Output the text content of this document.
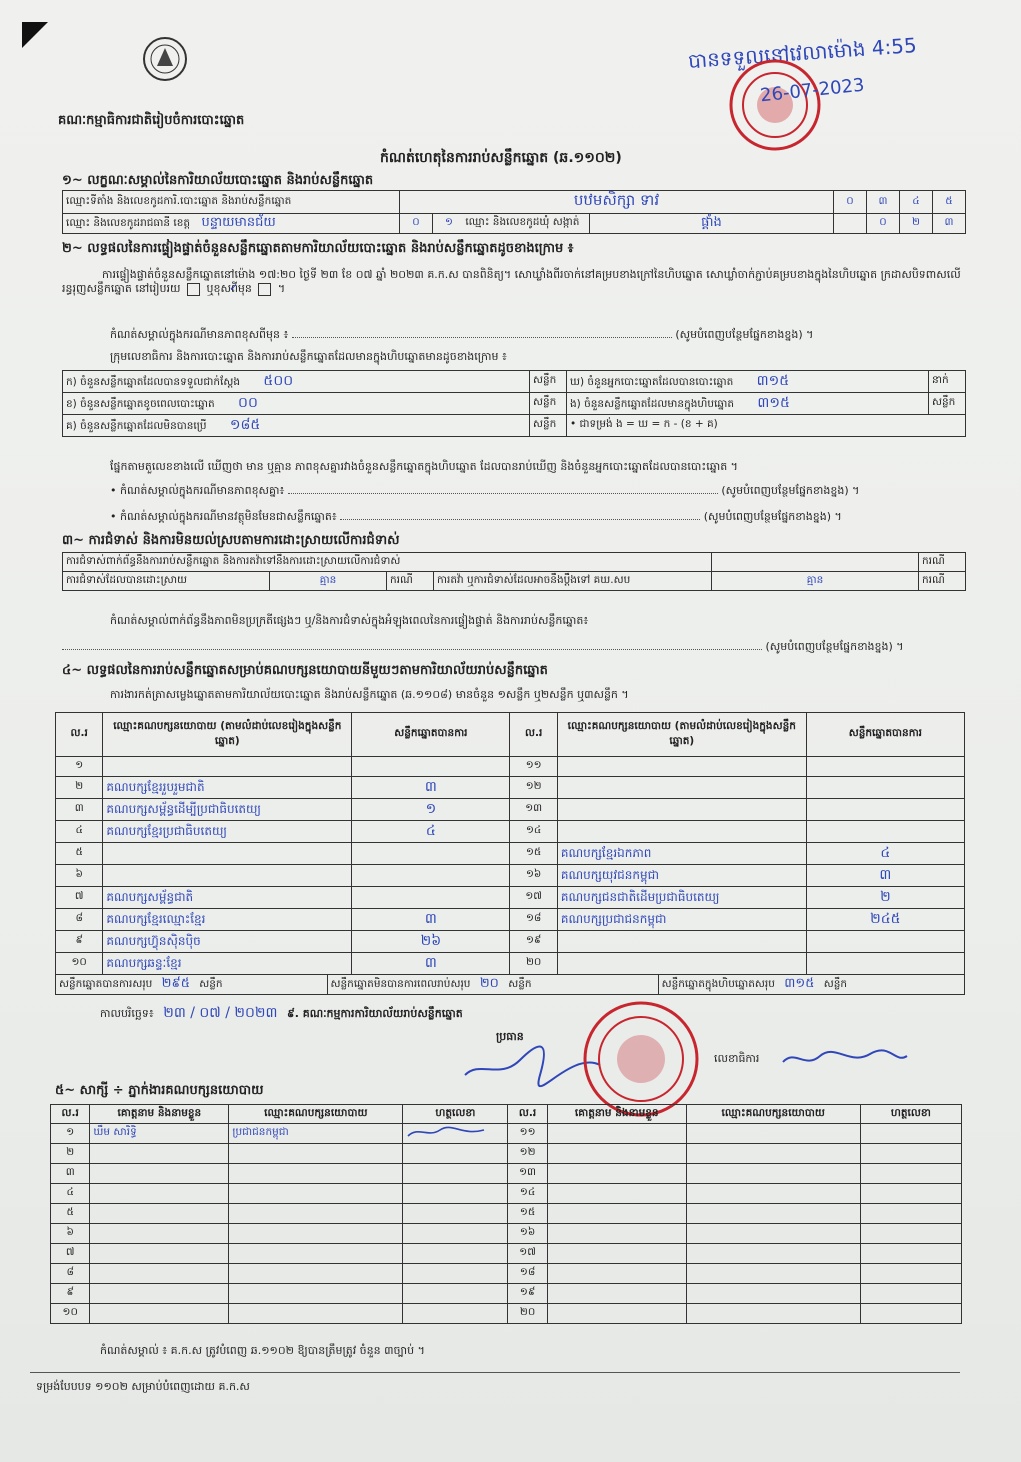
គណៈកម្មាធិការជាតិរៀបចំការបោះឆ្នោត
បានទទួលនៅវេលាម៉ោង 4:55
26-07-2023
កំណត់ហេតុនៃការរាប់សន្លឹកឆ្នោត (ឆ.១១០២)
១~ លក្ខណៈសម្គាល់នៃការិយាល័យបោះឆ្នោត និងរាប់សន្លឹកឆ្នោត
ឈ្មោះទីតាំង និងលេខកូដការិ.បោះឆ្នោត និងរាប់សន្លឹកឆ្នោត	បឋមសិក្សា ទាវ			០	៣	៤	៥
ឈ្មោះ និងលេខកូដរាជធានី ខេត្ត បន្ទាយមានជ័យ	០	១ ឈ្មោះ និងលេខកូដឃុំ សង្កាត់	ផ្គាំង		០	២	៣
២~ លទ្ធផលនៃការផ្ទៀងផ្ទាត់ចំនួនសន្លឹកឆ្នោតតាមការិយាល័យបោះឆ្នោត និងរាប់សន្លឹកឆ្នោតដូចខាងក្រោម ៖
ការផ្ទៀងផ្ទាត់ចំនួនសន្លឹកឆ្នោតនៅម៉ោង ១៧:២០ ថ្ងៃទី ២៣ ខែ ០៧ ឆ្នាំ ២០២៣ គ.ក.ស បានពិនិត្យ។ សោឃ្លាំងពីរចាក់នៅគម្របខាងក្រៅនៃហិបឆ្នោត សោឃ្លាំចាក់ភ្ជាប់គម្របខាងក្នុងនៃហិបឆ្នោត ក្រដាសបិទពាសលើរន្ធរុញសន្លឹកឆ្នោត នៅរៀបរយ ✓ ឬខុសពីមុន  ។
កំណត់សម្គាល់ក្នុងករណីមានភាពខុសពីមុន ៖	(សូមបំពេញបន្ថែមផ្នែកខាងខ្នង) ។
ក្រុមលេខាធិការ និងការបោះឆ្នោត និងការរាប់សន្លឹកឆ្នោតដែលមានក្នុងហិបឆ្នោតមានដូចខាងក្រោម ៖
ក) ចំនួនសន្លឹកឆ្នោតដែលបានទទួលជាក់ស្តែង ៥០០	សន្លឹក	ឃ) ចំនួនអ្នកបោះឆ្នោតដែលបានបោះឆ្នោត ៣១៥	នាក់
ខ) ចំនួនសន្លឹកឆ្នោតខូចពេលបោះឆ្នោត ០០	សន្លឹក	ង) ចំនួនសន្លឹកឆ្នោតដែលមានក្នុងហិបឆ្នោត ៣១៥	សន្លឹក
គ) ចំនួនសន្លឹកឆ្នោតដែលមិនបានប្រើ ១៨៥	សន្លឹក	• ជាទម្រង់ ង = ឃ = ក - (ខ + គ)	
ផ្នែកតាមតួលេខខាងលើ ឃើញថា មាន ឬគ្មាន ភាពខុសគ្នារវាងចំនួនសន្លឹកឆ្នោតក្នុងហិបឆ្នោត ដែលបានរាប់ឃើញ និងចំនួនអ្នកបោះឆ្នោតដែលបានបោះឆ្នោត ។
• កំណត់សម្គាល់ក្នុងករណីមានភាពខុសគ្នា៖	(សូមបំពេញបន្ថែមផ្នែកខាងខ្នង) ។
• កំណត់សម្គាល់ក្នុងករណីមានវត្ថុមិនមែនជាសន្លឹកឆ្នោត៖	(សូមបំពេញបន្ថែមផ្នែកខាងខ្នង) ។
៣~ ការជំទាស់ និងការមិនយល់ស្របតាមការដោះស្រាយលើការជំទាស់
ការជំទាស់ពាក់ព័ន្ធនឹងការរាប់សន្លឹកឆ្នោត និងការតវ៉ាទៅនឹងការដោះស្រាយលើការជំទាស់					ករណី
ការជំទាស់ដែលបានដោះស្រាយ	គ្មាន	ករណី	ការតវ៉ា ឬការជំទាស់ដែលអាចនឹងប្តឹងទៅ គឃ.សប	គ្មាន	ករណី
កំណត់សម្គាល់ពាក់ព័ន្ធនឹងភាពមិនប្រក្រតីផ្សេងៗ ឬ/និងការជំទាស់ក្នុងអំឡុងពេលនៃការផ្ទៀងផ្ទាត់ និងការរាប់សន្លឹកឆ្នោត៖
(សូមបំពេញបន្ថែមផ្នែកខាងខ្នង) ។
៤~ លទ្ធផលនៃការរាប់សន្លឹកឆ្នោតសម្រាប់គណបក្សនយោបាយនីមួយៗតាមការិយាល័យរាប់សន្លឹកឆ្នោត
ការងារកត់ត្រាសម្លេងឆ្នោតតាមការិយាល័យបោះឆ្នោត និងរាប់សន្លឹកឆ្នោត (ឆ.១១០៨) មានចំនួន ១សន្លឹក ឬ២សន្លឹក ឬ៣សន្លឹក ។
ល.រ	ឈ្មោះគណបក្សនយោបាយ (តាមលំដាប់លេខរៀងក្នុងសន្លឹកឆ្នោត)	សន្លឹកឆ្នោតបានការ	ល.រ	ឈ្មោះគណបក្សនយោបាយ (តាមលំដាប់លេខរៀងក្នុងសន្លឹកឆ្នោត)	សន្លឹកឆ្នោតបានការ
១			១១		
២	គណបក្សខ្មែររួបរួមជាតិ	៣	១២		
៣	គណបក្សសម្ព័ន្ធដើម្បីប្រជាធិបតេយ្យ	១	១៣		
៤	គណបក្សខ្មែរប្រជាធិបតេយ្យ	៤	១៤		
៥			១៥	គណបក្សខ្មែរឯកភាព	៤
៦			១៦	គណបក្សយុវជនកម្ពុជា	៣
៧	គណបក្សសម្ព័ន្ធជាតិ		១៧	គណបក្សជនជាតិដើមប្រជាធិបតេយ្យ	២
៨	គណបក្សខ្មែរឈ្មោះខ្មែរ	៣	១៨	គណបក្សប្រជាជនកម្ពុជា	២៤៥
៩	គណបក្សហ៊្វុនស៊ិនប៉ិច	២៦	១៩		
១០	គណបក្សឆន្ទៈខ្មែរ	៣	២០		
សន្លឹកឆ្នោតបានការសរុប ២៩៥ សន្លឹក	សន្លឹកឆ្នោតមិនបានការពេលរាប់សរុប ២០ សន្លឹក	សន្លឹកឆ្នោតក្នុងហិបឆ្នោតសរុប ៣១៥ សន្លឹក
កាលបរិច្ឆេទ៖ ២៣ / ០៧ / ២០២៣ ៩. គណៈកម្មការការិយាល័យរាប់សន្លឹកឆ្នោត
ប្រធាន
លេខាធិការ
៥~ សាក្សី ÷ ភ្នាក់ងារគណបក្សនយោបាយ
ល.រ	គោត្តនាម និងនាមខ្លួន	ឈ្មោះគណបក្សនយោបាយ	ហត្ថលេខា	ល.រ	គោត្តនាម និងនាមខ្លួន	ឈ្មោះគណបក្សនយោបាយ	ហត្ថលេខា
១	ឃឹម សារិទ្ធិ	ប្រជាជនកម្ពុជា		១១			
២				១២			
៣				១៣			
៤				១៤			
៥				១៥			
៦				១៦			
៧				១៧			
៨				១៨			
៩				១៩			
១០				២០			
កំណត់សម្គាល់ ៖ គ.ក.ស ត្រូវបំពេញ ឆ.១១០២ ឱ្យបានត្រឹមត្រូវ ចំនួន ៣ច្បាប់ ។
ទម្រង់បែបបទ ១១០២ សម្រាប់បំពេញដោយ គ.ក.ស
